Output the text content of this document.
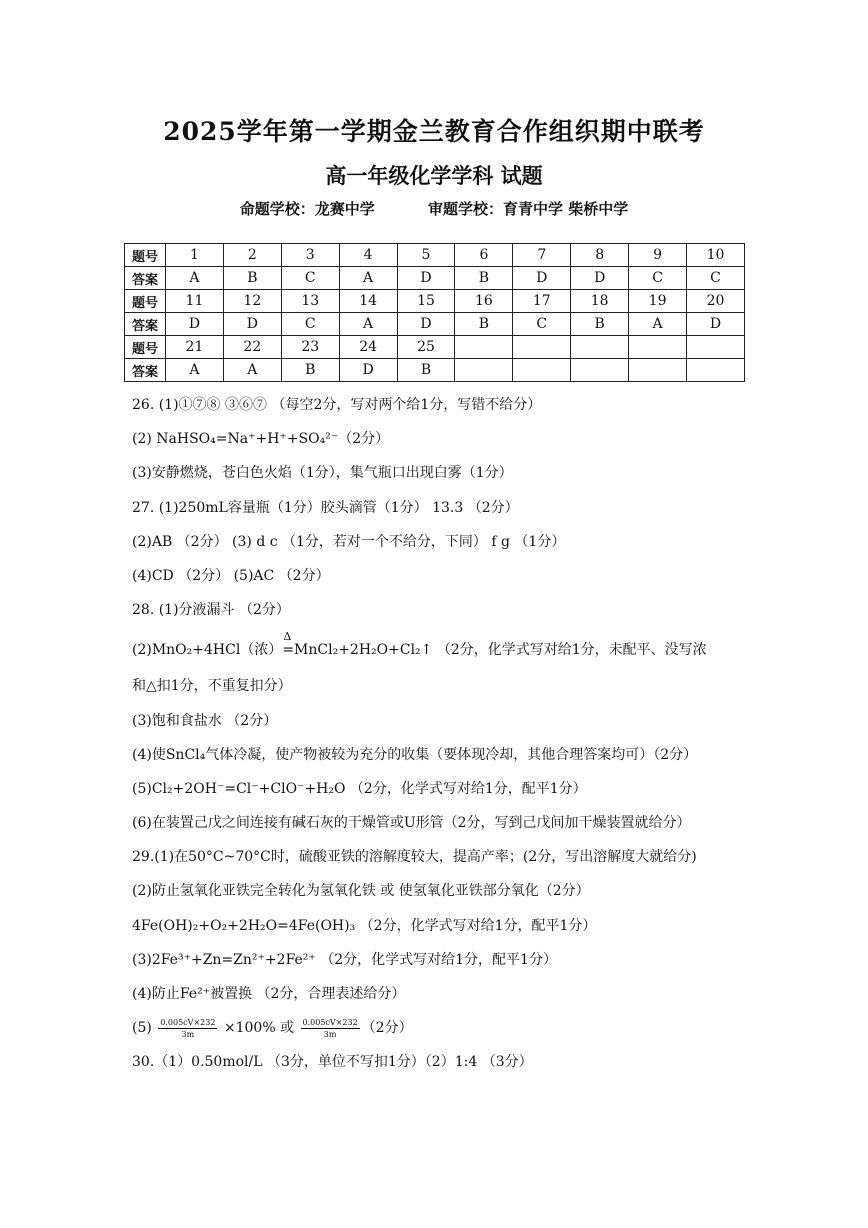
2025学年第一学期金兰教育合作组织期中联考
高一年级化学学科 试题
命题学校：龙赛中学	审题学校：育青中学 柴桥中学
题号	1	2	3	4	5	6	7	8	9	10
答案	A	B	C	A	D	B	D	D	C	C
题号	11	12	13	14	15	16	17	18	19	20
答案	D	D	C	A	D	B	C	B	A	D
题号	21	22	23	24	25					
答案	A	A	B	D	B					
26. (1)①⑦⑧ ③⑥⑦ （每空2分，写对两个给1分，写错不给分）
(2) NaHSO₄=Na⁺+H⁺+SO₄²⁻（2分）
(3)安静燃烧，苍白色火焰（1分），集气瓶口出现白雾（1分）
27. (1)250mL容量瓶（1分）胶头滴管（1分） 13.3 （2分）
(2)AB （2分） (3) d c （1分，若对一个不给分，下同） f g （1分）
(4)CD （2分） (5)AC （2分）
28. (1)分液漏斗 （2分）
(2)MnO₂+4HCl（浓）Δ =MnCl₂+2H₂O+Cl₂↑ （2分，化学式写对给1分，未配平、没写浓
和△扣1分，不重复扣分）
(3)饱和食盐水 （2分）
(4)使SnCl₄气体冷凝，使产物被较为充分的收集（要体现冷却，其他合理答案均可）（2分）
(5)Cl₂+2OH⁻=Cl⁻+ClO⁻+H₂O （2分，化学式写对给1分，配平1分）
(6)在装置己戊之间连接有碱石灰的干燥管或U形管（2分，写到己戊间加干燥装置就给分）
29.(1)在50°C~70°C时，硫酸亚铁的溶解度较大，提高产率；(2分，写出溶解度大就给分)
(2)防止氢氧化亚铁完全转化为氢氧化铁 或 使氢氧化亚铁部分氧化（2分）
4Fe(OH)₂+O₂+2H₂O=4Fe(OH)₃ （2分，化学式写对给1分，配平1分）
(3)2Fe³⁺+Zn=Zn²⁺+2Fe²⁺ （2分，化学式写对给1分，配平1分）
(4)防止Fe²⁺被置换 （2分，合理表述给分）
$(5) \frac{0.005cV\times 232}{3m} \times 100\%$ 或 $\frac{0.005cV\times 232}{3m} (2$分）
30.（1）0.50mol/L （3分，单位不写扣1分）（2）1:4 （3分）
